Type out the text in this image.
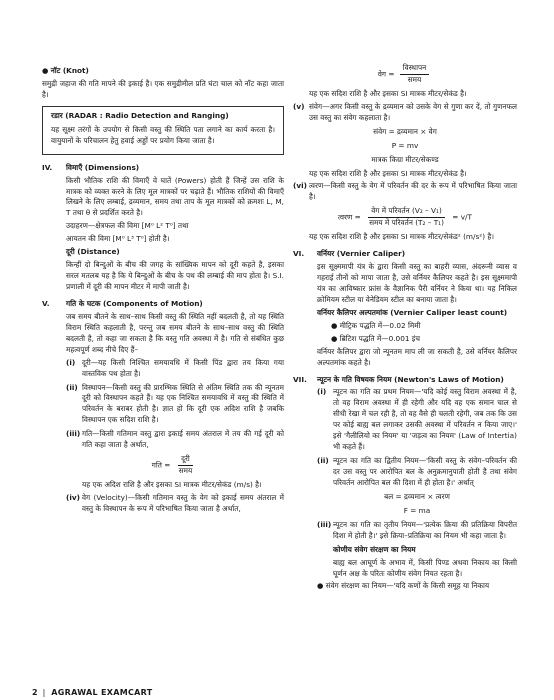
● नॉट (Knot)

समुद्री जहाज की गति मापने की इकाई है। एक समुद्रीमील प्रति घंटा चाल को नॉट कहा जाता है।

रडार (RADAR : Radio Detection and Ranging)

यह सूक्ष्म तरंगों के उपयोग से किसी वस्तु की स्थिति पता लगाने का कार्य करता है। वायुयानों के परिचालन हेतु हवाई अड्डों पर प्रयोग किया जाता है।

IV. विमाएँ (Dimensions)

किसी भौतिक राशि की विमाएँ वे घातें (Powers) होती हैं जिन्हें उस राशि के मात्रक को व्यक्त करने के लिए मूल मात्रकों पर चढ़ाते हैं। भौतिक राशियों की विमाएँ लिखने के लिए लम्बाई, द्रव्यमान, समय तथा ताप के मूल मात्रकों को क्रमशः L, M, T तथा θ से प्रदर्शित करते है।

उदाहरण—क्षेत्रफल की विमा [M⁰ L² T⁰] तथा

आयतन की विमा [M⁰ L³ T⁰] होती है।

दूरी (Distance)

किन्हीं दो बिन्दुओं के बीच की जगह के सांख्यिक मापन को दूरी कहते है, इसका सरल मतलब यह है कि ये बिन्दुओं के बीच के पथ की लम्बाई की माप होता है। S.I. प्रणाली में दूरी की मापन मीटर में मापी जाती है।

V. गति के घटक (Components of Motion)

जब समय बीतने के साथ–साथ किसी वस्तु की स्थिति नहीं बदलती है, तो यह स्थिति विराम स्थिति कहलाती है, परन्तु जब समय बीतने के साथ–साथ वस्तु की स्थिति बदलती है, तो कहा जा सकता है कि वस्तु गति अवस्था में है। गति से संबंधित कुछ महत्वपूर्ण शब्द नीचे दिए हैं–

(i) दूरी—यह किसी निश्चित समयावधि में किसी पिंड द्वारा तय किया गया वास्तविक पथ होता है।
(ii) विस्थापन—किसी वस्तु की प्रारम्भिक स्थिति से अंतिम स्थिति तक की न्यूनतम दूरी को विस्थापन कहते हैं। यह एक निश्चित समयावधि में वस्तु की स्थिति में परिवर्तन के बराबर होती है। ज्ञात हो कि दूरी एक अदिश राशि है जबकि विस्थापन एक सदिश राशि है।
(iii) गति—किसी गतिमान वस्तु द्वारा इकाई समय अंतराल में तय की गई दूरी को गति कहा जाता है अर्थात,
गति = $\frac{\text{दूरी}}{\text{समय}}$

यह एक अदिश राशि है और इसका SI मात्रक मीटर/सेकंड (m/s) है।

(iv) वेग (Velocity)—किसी गतिमान वस्तु के वेग को इकाई समय अंतराल में वस्तु के विस्थापन के रूप में परिभाषित किया जाता है अर्थात,
वेग = $\frac{\text{विस्थापन}}{\text{समय}}$

यह एक सदिश राशि है और इसका SI मात्रक मीटर/सेकंड है।

(v) संवेग—अगर किसी वस्तु के द्रव्यमान को उसके वेग से गुणा कर दें, तो गुणनफल उस वस्तु का संवेग कहलाता है।
संवेग = द्रव्यमान × वेग
P = mv
मात्रक किग्रा मीटर/सेकण्ड

यह एक सदिश राशि है और इसका SI मात्रक मीटर/सेकंड है।

(vi) त्वरण—किसी वस्तु के वेग में परिवर्तन की दर के रूप में परिभाषित किया जाता है।
त्वरण = $\frac{\text{वेग में परिवर्तन (V₂ – V₁)}}{\text{समय में परिवर्तन (T₂ – T₁)}} = v/T$

यह एक सदिश राशि है और इसका SI मात्रक मीटर/सेकंड² (m/s²) है।

VI. वर्नियर (Vernier Caliper)

इस सूक्ष्ममापी यंत्र के द्वारा किसी वस्तु का बाहरी व्यास, अंदरूनी व्यास व गहराई तीनों को मापा जाता है, उसे वर्नियर कैलिपर कहते है। इस सूक्ष्ममापी यंत्र का आविष्कार फ्रांस के वैज्ञानिक पैरी वर्नियर ने किया था। यह निकिल क्रोमियम स्टील या वेनेडियम स्टील का बनाया जाता है।

वर्नियर कैलिपर अल्पतमांक (Vernier Caliper least count)

● मीट्रिक पद्धति में—0.02 मिमी

● ब्रिटिश पद्धति में—0.001 इंच

वर्नियर कैलिपर द्वारा जो न्यूनतम माप ली जा सकती है, उसे वर्नियर कैलिपर अल्पतमांक कहते है।

VII. न्यूटन के गति विषयक नियम (Newton's Laws of Motion)
(i) न्यूटन का गति का प्रथम नियम—'यदि कोई वस्तु विराम अवस्था में है, तो वह विराम अवस्था में ही रहेगी और यदि वह एक समान चाल से सीधी रेखा में चल रही है, तो वह वैसे ही चलती रहेगी, जब तक कि उस पर कोई बाह्य बल लगाकर उसकी अवस्था में परिवर्तन न किया जाए।' इसे 'गैलीलियो का नियम' या 'जड़त्व का नियम' (Law of Intertia) भी कहते हैं।
(ii) न्यूटन का गति का द्वितीय नियम—'किसी वस्तु के संवेग–परिवर्तन की दर उस वस्तु पर आरोपित बल के अनुक्रमानुपाती होती है तथा संवेग परिवर्तन आरोपित बल की दिशा में ही होता है।' अर्थात्
बल = द्रव्यमान × त्वरण
F = ma
(iii) न्यूटन का गति का तृतीय नियम—'प्रत्येक क्रिया की प्रतिक्रिया विपरीत दिशा में होती है।' इसे क्रिया–प्रतिक्रिया का नियम भी कहा जाता है।

कोणीय संवेग संरक्षण का नियम

बाह्य बल आघूर्ण के अभाव में, किसी पिण्ड अथवा निकाय का किसी घूर्णन अक्ष के परितः कोणीय संवेग नियत रहता है।

● संवेग संरक्षण का नियम—'यदि कणों के किसी समूह या निकाय

2 | AGRAWAL EXAMCART
